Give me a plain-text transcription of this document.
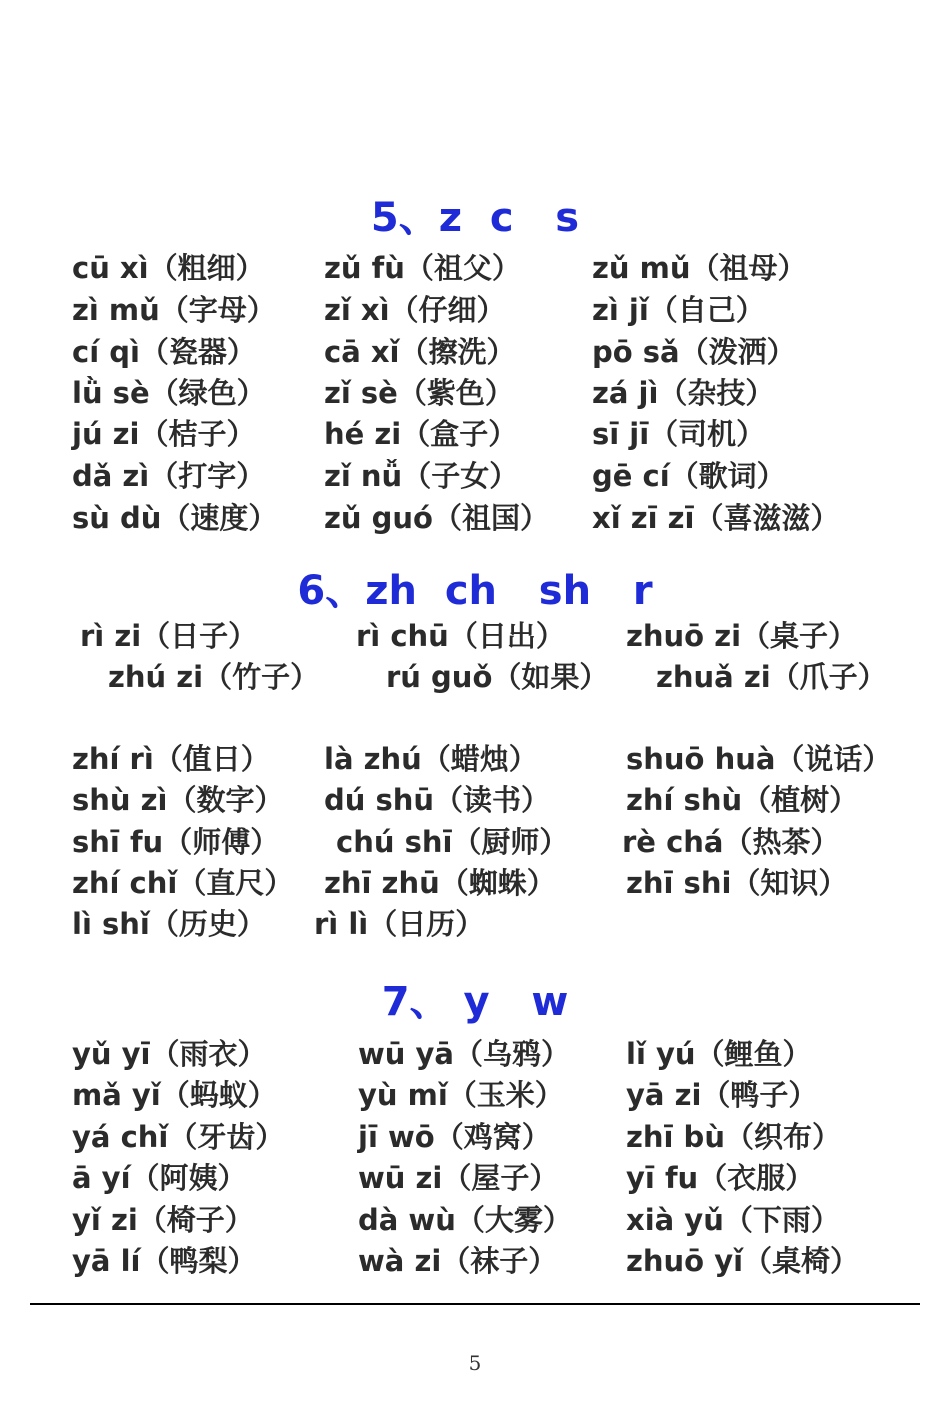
5、z  c   s
cū xì（粗细） zǔ fù（祖父） zǔ mǔ（祖母）
zì mǔ（字母） zǐ xì（仔细）	zì jǐ（自己）
cí qì（瓷器） cā xǐ（擦洗）	pō sǎ（泼洒）
lǜ sè（绿色） zǐ sè（紫色）	zá jì（杂技）
jú zi（桔子） hé zi（盒子）	sī jī（司机）
dǎ zì（打字） zǐ nǚ（子女）	gē cí（歌词）
sù dù（速度） zǔ guó（祖国） xǐ zī zī（喜滋滋）
6、zh  ch   sh   r
rì zi（日子）	rì chū（日出） zhuō zi（桌子）
zhú zi（竹子） rú guǒ（如果） zhuǎ zi（爪子）
zhí rì（值日） là zhú（蜡烛）	shuō huà（说话）
shù zì（数字） dú shū（读书）	zhí shù（植树）
shī fu（师傅） chú shī（厨师） rè chá（热茶）
zhí chǐ（直尺） zhī zhū（蜘蛛） zhī shi（知识）
lì shǐ（历史） rì lì（日历）
7、 y   w
yǔ yī（雨衣）	wū yā（乌鸦） lǐ yú（鲤鱼）
mǎ yǐ（蚂蚁）	yù mǐ（玉米） yā zi（鸭子）
yá chǐ（牙齿）	jī wō（鸡窝）	zhī bù（织布）
ā yí（阿姨）	wū zi（屋子） yī fu（衣服）
yǐ zi（椅子）	dà wù（大雾） xià yǔ（下雨）
yā lí（鸭梨）	wà zi（袜子） zhuō yǐ（桌椅）
5
